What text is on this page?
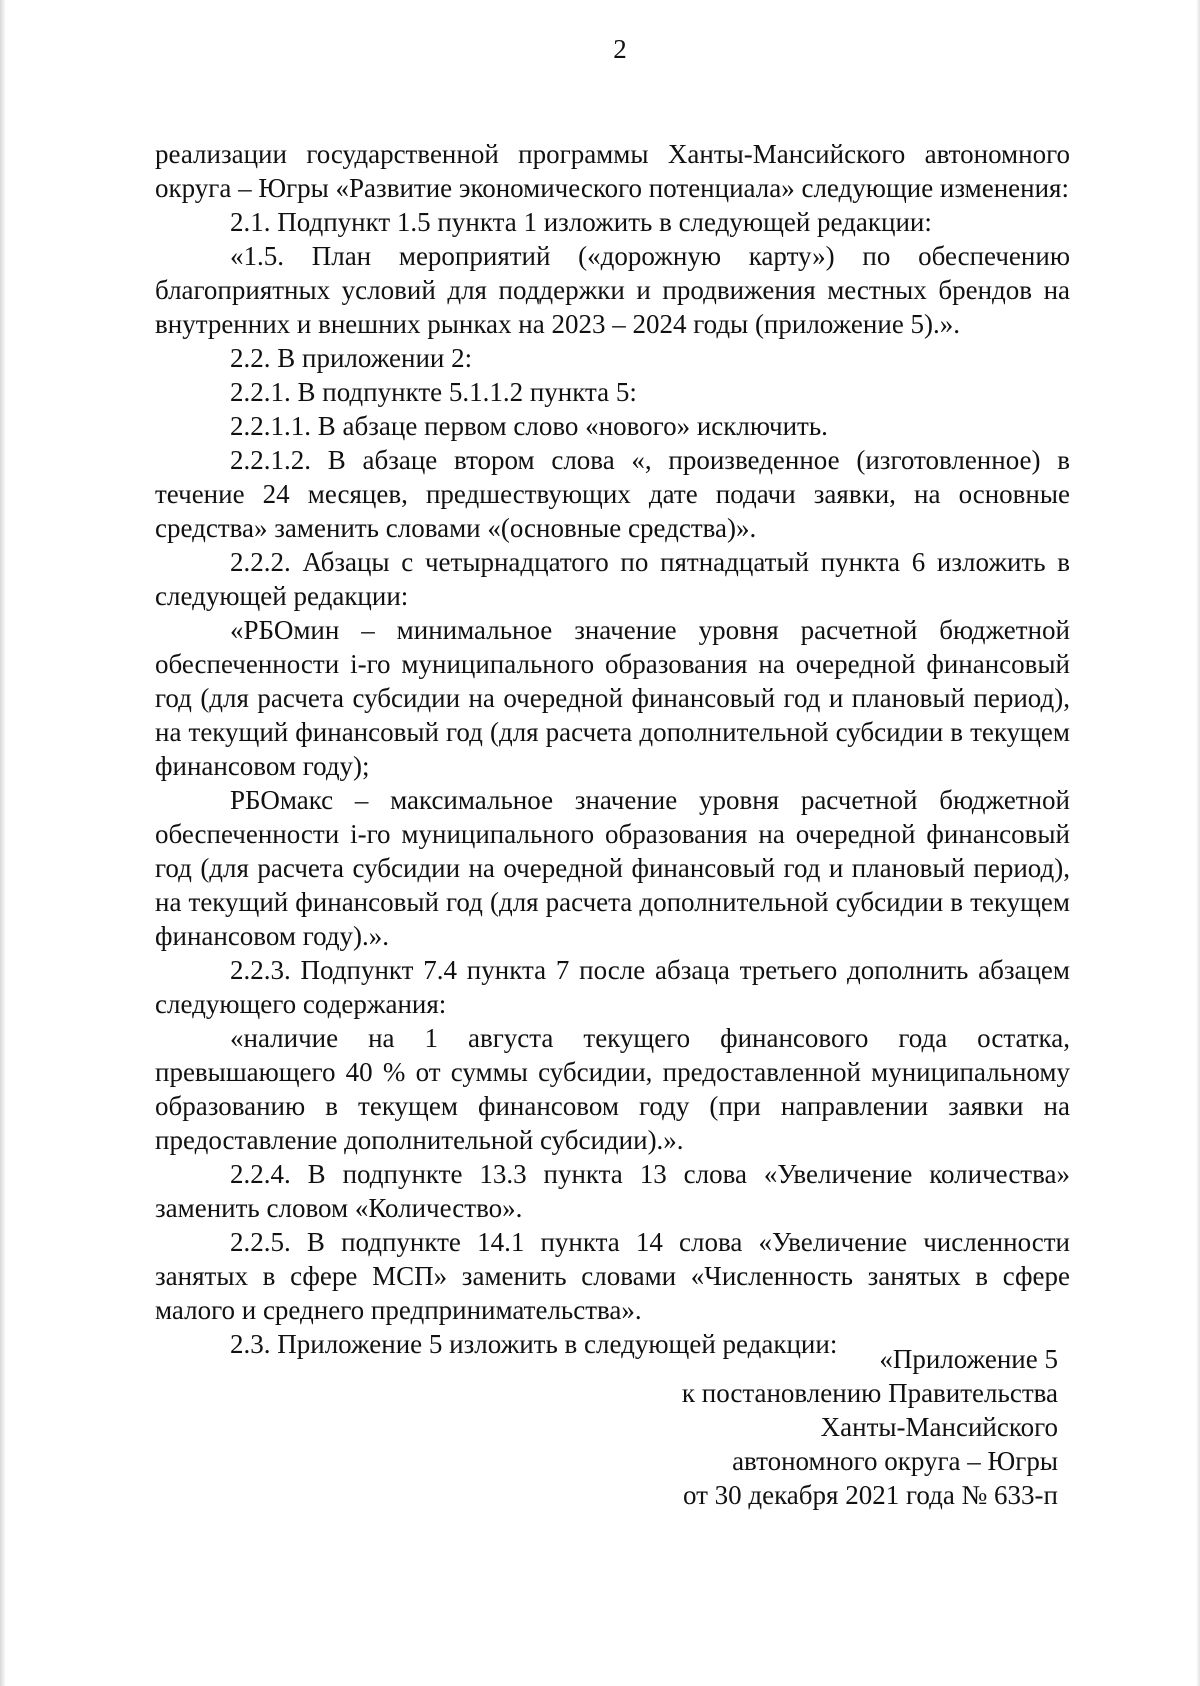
2

реализации государственной программы Ханты-Мансийского автономного округа – Югры «Развитие экономического потенциала» следующие изменения:

2.1. Подпункт 1.5 пункта 1 изложить в следующей редакции:

«1.5. План мероприятий («дорожную карту») по обеспечению благоприятных условий для поддержки и продвижения местных брендов на внутренних и внешних рынках на 2023 – 2024 годы (приложение 5).».

2.2. В приложении 2:

2.2.1. В подпункте 5.1.1.2 пункта 5:

2.2.1.1. В абзаце первом слово «нового» исключить.

2.2.1.2. В абзаце втором слова «, произведенное (изготовленное) в течение 24 месяцев, предшествующих дате подачи заявки, на основные средства» заменить словами «(основные средства)».

2.2.2. Абзацы с четырнадцатого по пятнадцатый пункта 6 изложить в следующей редакции:

«РБОмин – минимальное значение уровня расчетной бюджетной обеспеченности i-го муниципального образования на очередной финансовый год (для расчета субсидии на очередной финансовый год и плановый период), на текущий финансовый год (для расчета дополнительной субсидии в текущем финансовом году);

РБОмакс – максимальное значение уровня расчетной бюджетной обеспеченности i-го муниципального образования на очередной финансовый год (для расчета субсидии на очередной финансовый год и плановый период), на текущий финансовый год (для расчета дополнительной субсидии в текущем финансовом году).».

2.2.3. Подпункт 7.4 пункта 7 после абзаца третьего дополнить абзацем следующего содержания:

«наличие на 1 августа текущего финансового года остатка, превышающего 40 % от суммы субсидии, предоставленной муниципальному образованию в текущем финансовом году (при направлении заявки на предоставление дополнительной субсидии).».

2.2.4. В подпункте 13.3 пункта 13 слова «Увеличение количества» заменить словом «Количество».

2.2.5. В подпункте 14.1 пункта 14 слова «Увеличение численности занятых в сфере МСП» заменить словами «Численность занятых в сфере малого и среднего предпринимательства».

2.3. Приложение 5 изложить в следующей редакции:	«Приложение 5

к постановлению Правительства

Ханты-Мансийского

автономного округа – Югры

от 30 декабря 2021 года № 633-п
